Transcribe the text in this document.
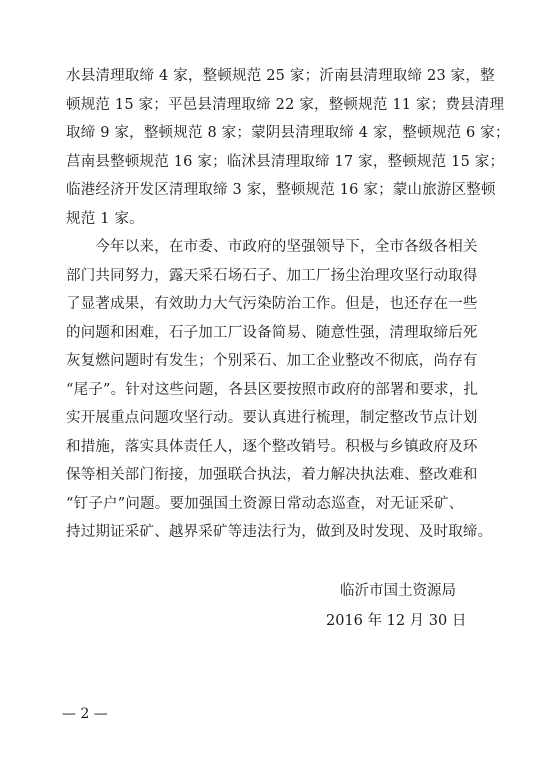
水县清理取缔 4 家，整顿规范 25 家；沂南县清理取缔 23 家，整
顿规范 15 家；平邑县清理取缔 22 家，整顿规范 11 家；费县清理
取缔 9 家，整顿规范 8 家；蒙阴县清理取缔 4 家，整顿规范 6 家；
莒南县整顿规范 16 家；临沭县清理取缔 17 家，整顿规范 15 家；
临港经济开发区清理取缔 3 家，整顿规范 16 家；蒙山旅游区整顿
规范 1 家。
　　今年以来，在市委、市政府的坚强领导下，全市各级各相关
部门共同努力，露天采石场石子、加工厂扬尘治理攻坚行动取得
了显著成果，有效助力大气污染防治工作。但是，也还存在一些
的问题和困难，石子加工厂设备简易、随意性强，清理取缔后死
灰复燃问题时有发生；个别采石、加工企业整改不彻底，尚存有
“尾子”。针对这些问题，各县区要按照市政府的部署和要求，扎
实开展重点问题攻坚行动。要认真进行梳理，制定整改节点计划
和措施，落实具体责任人，逐个整改销号。积极与乡镇政府及环
保等相关部门衔接，加强联合执法，着力解决执法难、整改难和
“钉子户”问题。要加强国土资源日常动态巡查，对无证采矿、
持过期证采矿、越界采矿等违法行为，做到及时发现、及时取缔。
临沂市国土资源局
2016 年 12 月 30 日
— 2 —
